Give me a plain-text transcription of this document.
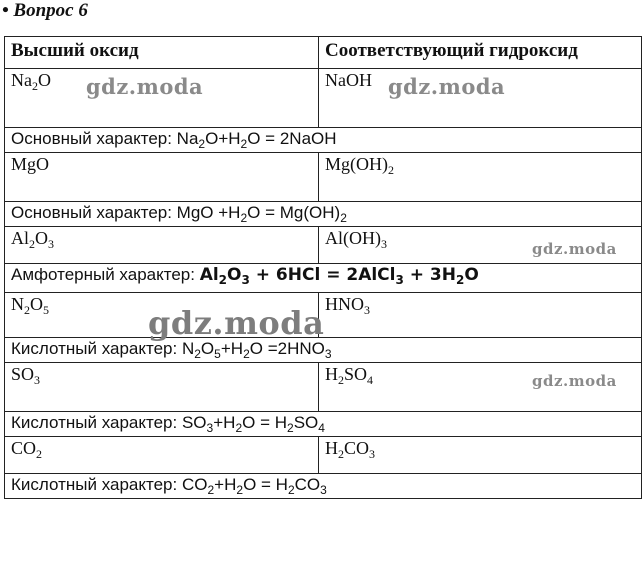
• Вопрос 6
Высший оксид	Соответствующий гидроксид
$Na_2O$	NaOH
Основный характер: $Na_2O+H_2O$ = 2NaOH	
MgO	$Mg(OH)_2$
Основный характер: MgO $+H_2O = Mg(OH)_2$
$Al_2O_3$	$Al(OH)_3$
Амфотерный характер: $Al_2O_3 + 6HCl$ = 2AlCl$_3$ + $3H_2O$	
$N_2O_5$	$HNO_3$
Кислотный характер: $N_2O_5+H_2O =2HNO_3$
$SO_3$	$H_2SO_4$
Кислотный характер: $SO_3+H_2O = H_2SO_4$
$CO_2$	$H_2CO_3$
Кислотный характер: $CO_2+H_2O = H_2CO_3$
gdz.moda	gdz.moda
gdz.moda
gdz.moda
gdz.moda
